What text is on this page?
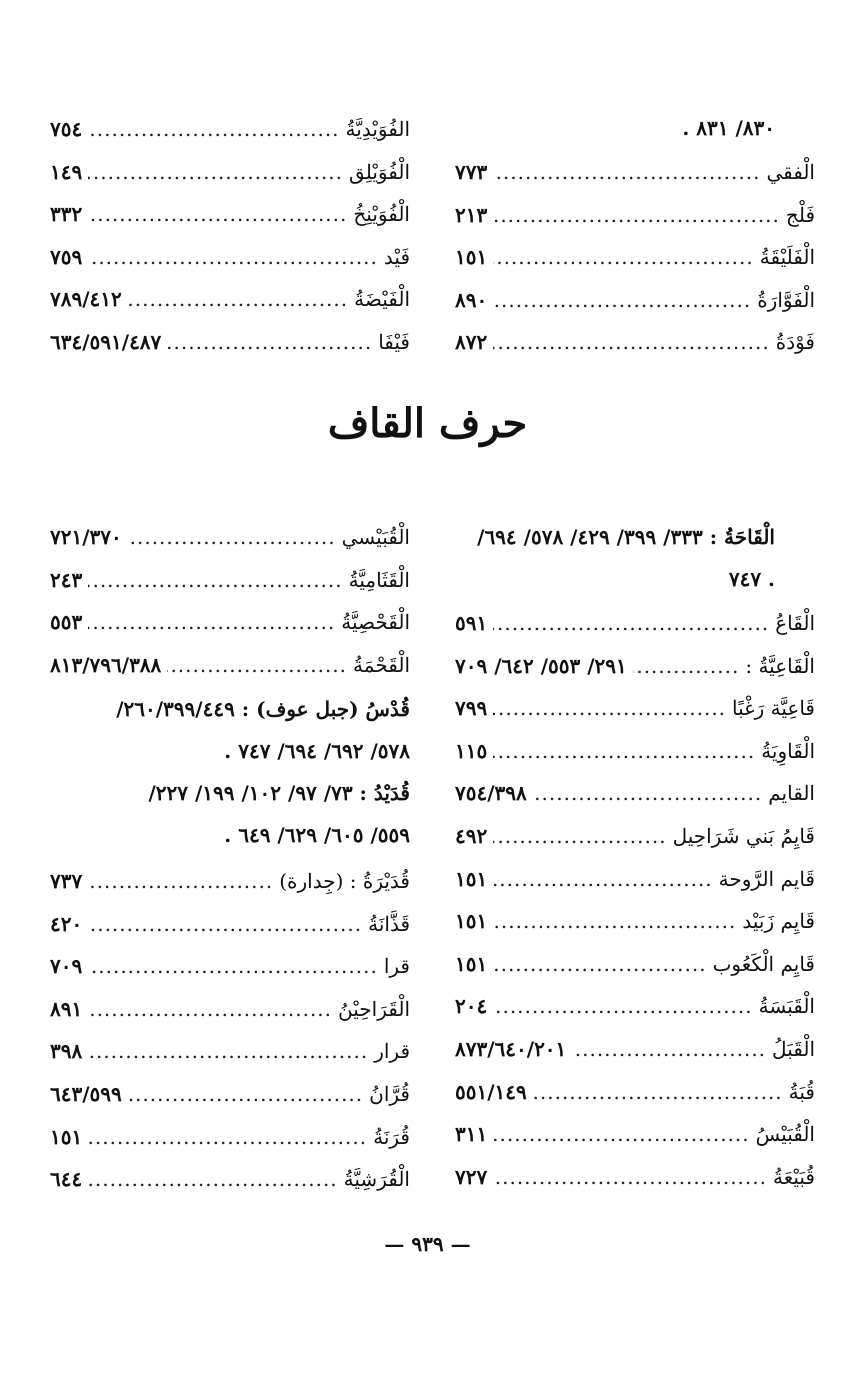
٨٣٠/ ٨٣١ .
الْفقي
.....
٧٧٣
فَلْج
.....
٢١٣
الْفَلَيْقَةُ
.....
١٥١
الْفَوَّارَةُ
.....
٨٩٠
فَوْدَةُ
.....
٨٧٢
الفُوَيْدِيَّةُ
.....
٧٥٤
الْفُوَيْلِق
.....
١٤٩
الْفُوَيْنِخُ
.....
٣٣٢
فَيْد
.....
٧٥٩
الْفَيْضَةُ
.....
٧٨٩/٤١٢
فَيْفَا
.....
٦٣٤/٥٩١/٤٨٧
حرف القاف
الْقَاحَةُ : ٣٣٣/ ٣٩٩/ ٤٢٩/ ٥٧٨/ ٦٩٤/
. ٧٤٧
الْقَاعُ
.....
٥٩١
الْقَاعِيَّةُ :
.....
٢٩١/ ٥٥٣/ ٦٤٢/ ٧٠٩
قَاعِيَّة رَغْبًا
.....
٧٩٩
الْقَاوِيَةُ
.....
١١٥
القايم
.....
٧٥٤/٣٩٨
قَايِمُ بَني شَرَاحِيل
.....
٤٩٢
قَايم الرَّوحة
.....
١٥١
قَايِم زَبَيْد
.....
١٥١
قَايِم الْكَعُوب
.....
١٥١
الْقَبَسَةُ
.....
٢٠٤
الْقَبَلُ
.....
٨٧٣/٦٤٠/٢٠١
قُبَةُ
.....
٥٥١/١٤٩
الْقُبَيْسُ
.....
٣١١
قُبَيْعَةُ
.....
٧٢٧
الْقُبَيْسي
.....
٧٢١/٣٧٠
الْقَثَامِيَّةُ
.....
٢٤٣
الْقَحْصِيَّةُ
.....
٥٥٣
الْقَحْمَةُ
.....
٨١٣/٧٩٦/٣٨٨
قُدْسُ (جبل عوف) : ٢٦٠/٣٩٩/٤٤٩/
٥٧٨/ ٦٩٢/ ٦٩٤/ ٧٤٧ .
قُدَيْدُ : ٧٣/ ٩٧/ ١٠٢/ ١٩٩/ ٢٢٧/
٥٥٩/ ٦٠٥/ ٦٢٩/ ٦٤٩ .
قُدَيْرَةُ : (جِدارة)
.....
٧٣٧
قَذَّانَةُ
.....
٤٢٠
قرا
.....
٧٠٩
الْقَرَاحِيْنُ
.....
٨٩١
قرار
.....
٣٩٨
قُرَّانُ
.....
٦٤٣/٥٩٩
قُرَنَةُ
.....
١٥١
الْقُرَشِيَّةُ
.....
٦٤٤
— ٩٣٩ —
